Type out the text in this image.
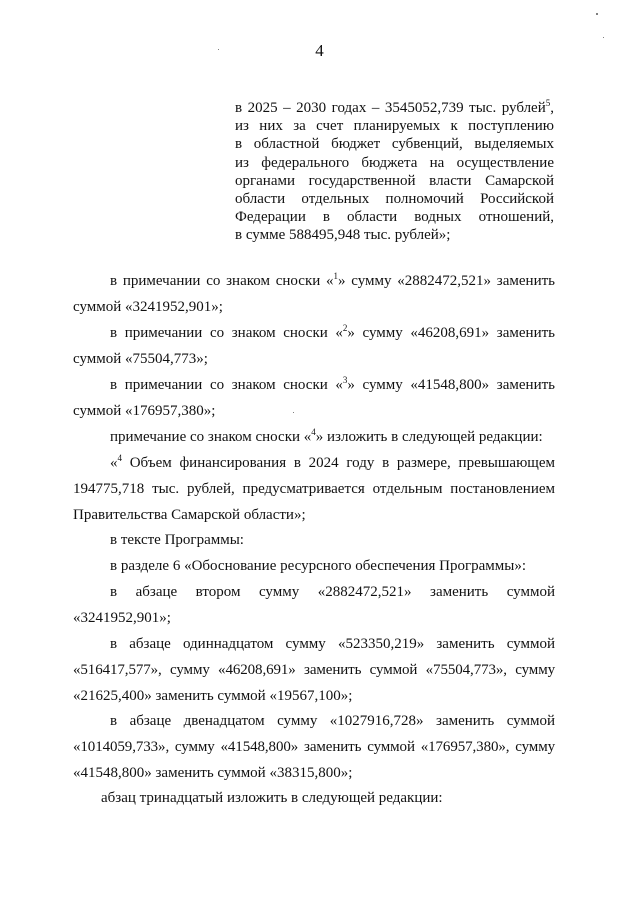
4
в 2025 – 2030 годах – 3545052,739 тыс. рублей$^5$,
из них за счет планируемых к поступлению
в областной бюджет субвенций, выделяемых
из федерального бюджета на осуществление
органами государственной власти Самарской
области отдельных полномочий Российской
Федерации в области водных отношений,
в сумме 588495,948 тыс. рублей»;
в примечании со знаком сноски «$^1$» сумму «2882472,521» заменить
суммой «3241952,901»;
в примечании со знаком сноски «$^2$» сумму «46208,691» заменить
суммой «75504,773»;
в примечании со знаком сноски «$^3$» сумму «41548,800» заменить
суммой «176957,380»;
примечание со знаком сноски «$^4$» изложить в следующей редакции:
«$^4$ Объем финансирования в 2024 году в размере, превышающем
194775,718 тыс. рублей, предусматривается отдельным постановлением
Правительства Самарской области»;
в тексте Программы:
в разделе 6 «Обоснование ресурсного обеспечения Программы»:
в абзаце втором сумму «2882472,521» заменить суммой
«3241952,901»;
в абзаце одиннадцатом сумму «523350,219» заменить суммой
«516417,577», сумму «46208,691» заменить суммой «75504,773», сумму
«21625,400» заменить суммой «19567,100»;
в абзаце двенадцатом сумму «1027916,728» заменить суммой
«1014059,733», сумму «41548,800» заменить суммой «176957,380», сумму
«41548,800» заменить суммой «38315,800»;
абзац тринадцатый изложить в следующей редакции:
